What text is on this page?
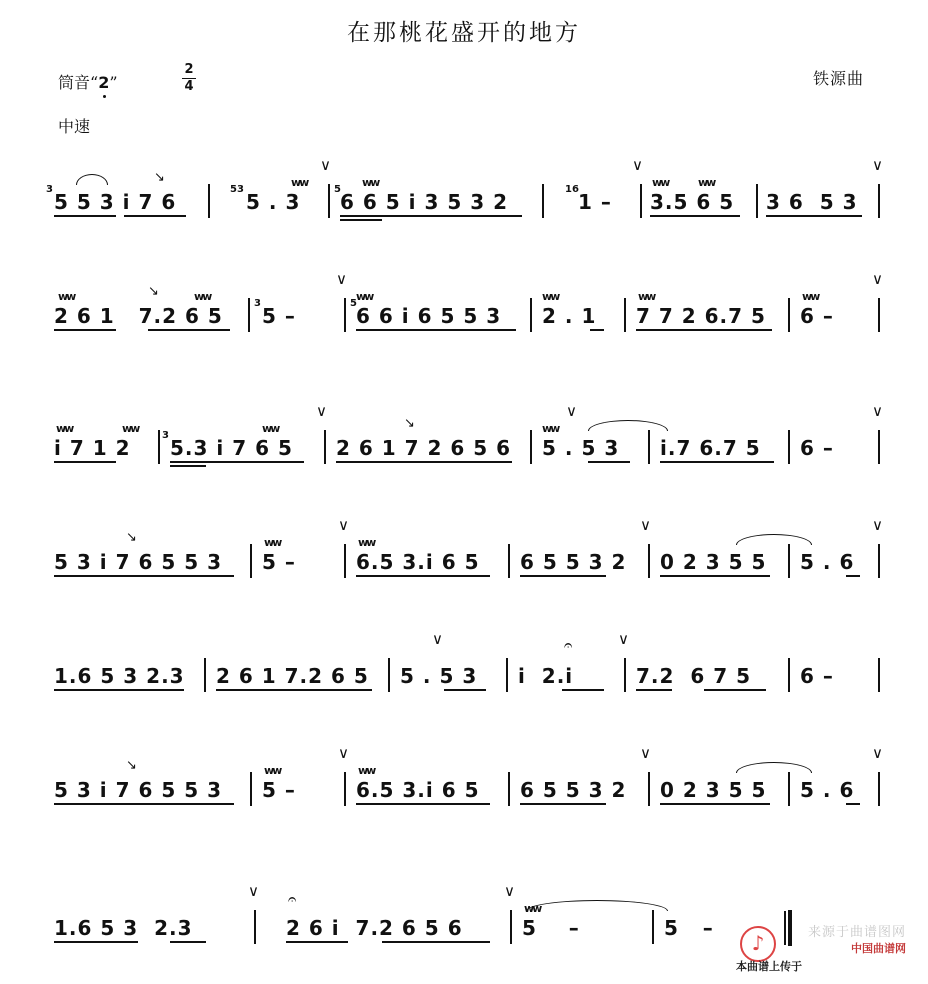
在那桃花盛开的地方
筒音“2”
2
4	铁源曲
中速
3
↘
5 5 3 i 7 6
53
5 . 3
ᴡᴡ
∨
5
ᴡᴡ
6 6 5 i 3 5 3 2
16
1 –
∨
ᴡᴡ	ᴡᴡ
3.5 6 5 3 6  5 3
∨
ᴡᴡ
2 6 1   7.2 6 5
↘	ᴡᴡ
3
5 –
∨
5
ᴡᴡ
6 6 i 6 5 5 3
ᴡᴡ
2 . 1
ᴡᴡ
7 7 2 6.7 5
ᴡᴡ
6 –
∨
ᴡᴡ	ᴡᴡ
i 7 1 2
3
ᴡᴡ
5.3 i 7 6 5
∨
↘
2 6 1 7 2 6 5 6
ᴡᴡ
∨
5 . 5 3 i.7 6.7 5 6 –
∨
↘
5 3 i 7 6 5 5 3
ᴡᴡ
5 –
∨
ᴡᴡ
6.5 3.i 6 5 6 5 5 3 2
∨
0 2 3 5 5 5 . 6
∨
1.6 5 3 2.3 2 6 1 7.2 6 5
∨
5 . 5 3
𝄐
i  2.i
∨
7.2  6 7 5 6 –
↘
5 3 i 7 6 5 5 3
ᴡᴡ
5 –
∨
ᴡᴡ
6.5 3.i 6 5 6 5 5 3 2
∨
0 2 3 5 5 5 . 6
∨
1.6 5 3  2.3
∨ 𝄐
2 6 i  7.2 6 5 6
∨
ᴡᴡ
5    –	5   –
♪	来源于曲谱图网
中国曲谱网
本曲谱上传于
